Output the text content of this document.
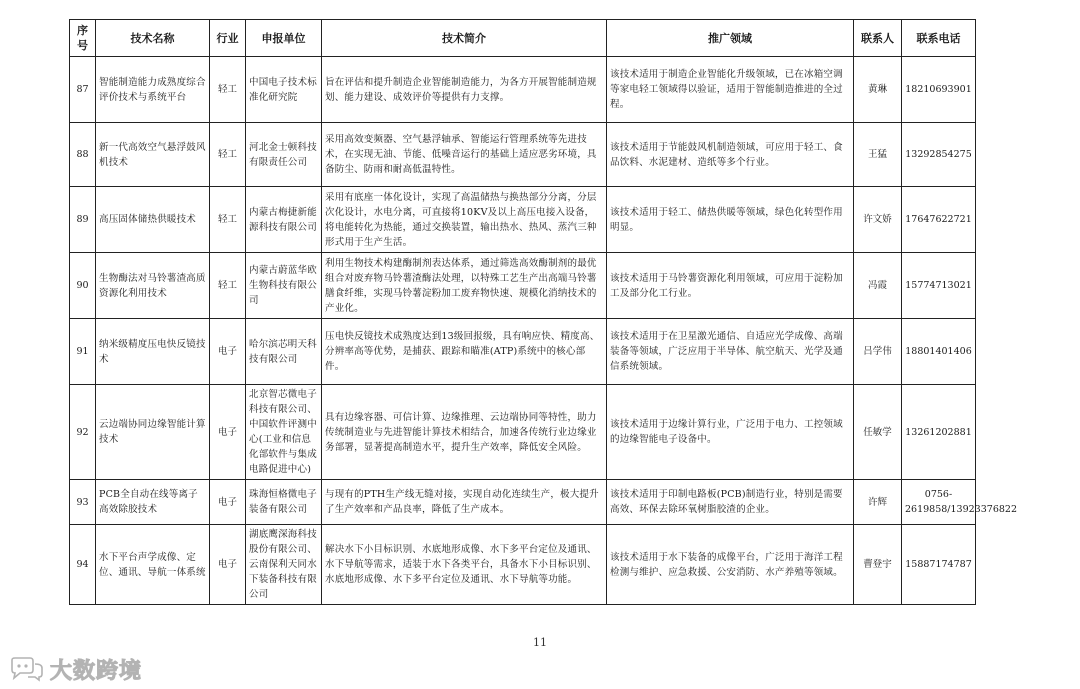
序号	技术名称	行业	申报单位	技术简介	推广领域	联系人	联系电话
87	智能制造能力成熟度综合评价技术与系统平台	轻工	中国电子技术标准化研究院	旨在评估和提升制造企业智能制造能力，为各方开展智能制造规划、能力建设、成效评价等提供有力支撑。	该技术适用于制造企业智能化升级领域，已在冰箱空调等家电轻工领域得以验证，适用于智能制造推进的全过程。	黄琳	18210693901
88	新一代高效空气悬浮鼓风机技术	轻工	河北金士顿科技有限责任公司	采用高效变频器、空气悬浮轴承、智能运行管理系统等先进技术，在实现无油、节能、低噪音运行的基础上适应恶劣环境，具备防尘、防雨和耐高低温特性。	该技术适用于节能鼓风机制造领域，可应用于轻工、食品饮料、水泥建材、造纸等多个行业。	王猛	13292854275
89	高压固体储热供暖技术	轻工	内蒙古梅捷新能源科技有限公司	采用有底座一体化设计，实现了高温储热与换热部分分离，分层次化设计，水电分离，可直接将10KV及以上高压电接入设备，将电能转化为热能，通过交换装置，输出热水、热风、蒸汽三种形式用于生产生活。	该技术适用于轻工、储热供暖等领域，绿色化转型作用明显。	许文娇	17647622721
90	生物酶法对马铃薯渣高质资源化利用技术	轻工	内蒙古蔚蓝华欧生物科技有限公司	利用生物技术构建酶制剂表达体系，通过筛选高效酶制剂的最优组合对废弃物马铃薯渣酶法处理，以特殊工艺生产出高端马铃薯膳食纤维，实现马铃薯淀粉加工废弃物快速、规模化消纳技术的产业化。	该技术适用于马铃薯资源化利用领域，可应用于淀粉加工及部分化工行业。	冯霞	15774713021
91	纳米级精度压电快反镜技术	电子	哈尔滨芯明天科技有限公司	压电快反镜技术成熟度达到13级回报级，具有响应快、精度高、分辨率高等优势，是捕获、跟踪和瞄准(ATP)系统中的核心部件。	该技术适用于在卫星激光通信、自适应光学成像、高端装备等领域，广泛应用于半导体、航空航天、光学及通信系统领域。	吕学伟	18801401406
92	云边端协同边缘智能计算技术	电子	北京智芯微电子科技有限公司、中国软件评测中心(工业和信息化部软件与集成电路促进中心)	具有边缘容器、可信计算、边缘推理、云边端协同等特性，助力传统制造业与先进智能计算技术相结合，加速各传统行业边缘业务部署，显著提高制造水平，提升生产效率，降低安全风险。	该技术适用于边缘计算行业，广泛用于电力、工控领域的边缘智能电子设备中。	任敏学	13261202881
93	PCB全自动在线等离子高效除胶技术	电子	珠海恒格微电子装备有限公司	与现有的PTH生产线无缝对接，实现自动化连续生产，极大提升了生产效率和产品良率，降低了生产成本。	该技术适用于印制电路板(PCB)制造行业，特别是需要高效、环保去除环氧树脂胶渣的企业。	许辉	0756-2619858/13923376822
94	水下平台声学成像、定位、通讯、导航一体系统	电子	湖底鹰深海科技股份有限公司、云南保利天同水下装备科技有限公司	解决水下小目标识别、水底地形成像、水下多平台定位及通讯、水下导航等需求，适装于水下各类平台，具备水下小目标识别、水底地形成像、水下多平台定位及通讯、水下导航等功能。	该技术适用于水下装备的成像平台，广泛用于海洋工程检测与维护、应急救援、公安消防、水产养殖等领域。	曹登宇	15887174787
11
大数跨境
